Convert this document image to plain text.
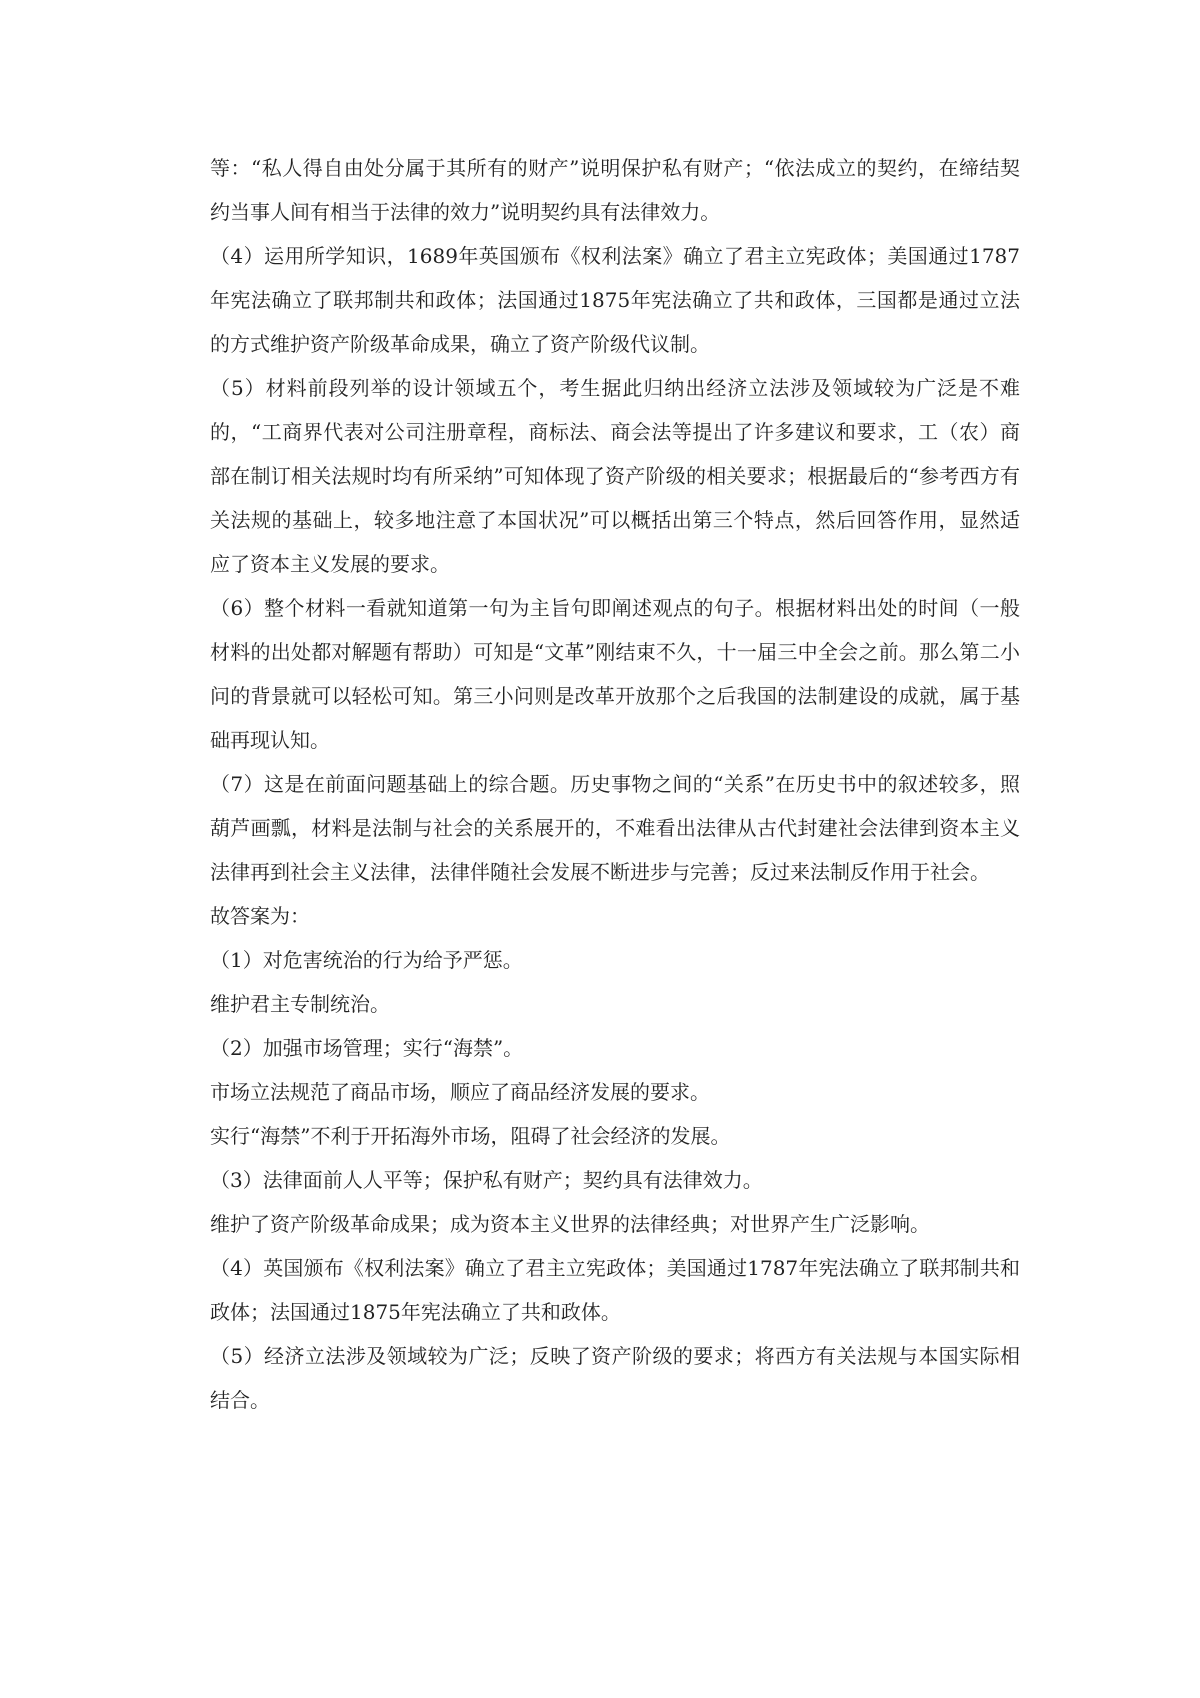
等：“私人得自由处分属于其所有的财产”说明保护私有财产；“依法成立的契约，在缔结契约当事人间有相当于法律的效力”说明契约具有法律效力。

（4）运用所学知识，1689年英国颁布《权利法案》确立了君主立宪政体；美国通过1787年宪法确立了联邦制共和政体；法国通过1875年宪法确立了共和政体，三国都是通过立法的方式维护资产阶级革命成果，确立了资产阶级代议制。

（5）材料前段列举的设计领域五个，考生据此归纳出经济立法涉及领域较为广泛是不难的，“工商界代表对公司注册章程，商标法、商会法等提出了许多建议和要求，工（农）商部在制订相关法规时均有所采纳”可知体现了资产阶级的相关要求；根据最后的“参考西方有关法规的基础上，较多地注意了本国状况”可以概括出第三个特点，然后回答作用，显然适应了资本主义发展的要求。

（6）整个材料一看就知道第一句为主旨句即阐述观点的句子。根据材料出处的时间（一般材料的出处都对解题有帮助）可知是“文革”刚结束不久，十一届三中全会之前。那么第二小问的背景就可以轻松可知。第三小问则是改革开放那个之后我国的法制建设的成就，属于基础再现认知。

（7）这是在前面问题基础上的综合题。历史事物之间的“关系”在历史书中的叙述较多，照葫芦画瓢，材料是法制与社会的关系展开的，不难看出法律从古代封建社会法律到资本主义法律再到社会主义法律，法律伴随社会发展不断进步与完善；反过来法制反作用于社会。

故答案为：

（1）对危害统治的行为给予严惩。

维护君主专制统治。

（2）加强市场管理；实行“海禁”。

市场立法规范了商品市场，顺应了商品经济发展的要求。

实行“海禁”不利于开拓海外市场，阻碍了社会经济的发展。

（3）法律面前人人平等；保护私有财产；契约具有法律效力。

维护了资产阶级革命成果；成为资本主义世界的法律经典；对世界产生广泛影响。

（4）英国颁布《权利法案》确立了君主立宪政体；美国通过1787年宪法确立了联邦制共和政体；法国通过1875年宪法确立了共和政体。

（5）经济立法涉及领域较为广泛；反映了资产阶级的要求；将西方有关法规与本国实际相结合。
